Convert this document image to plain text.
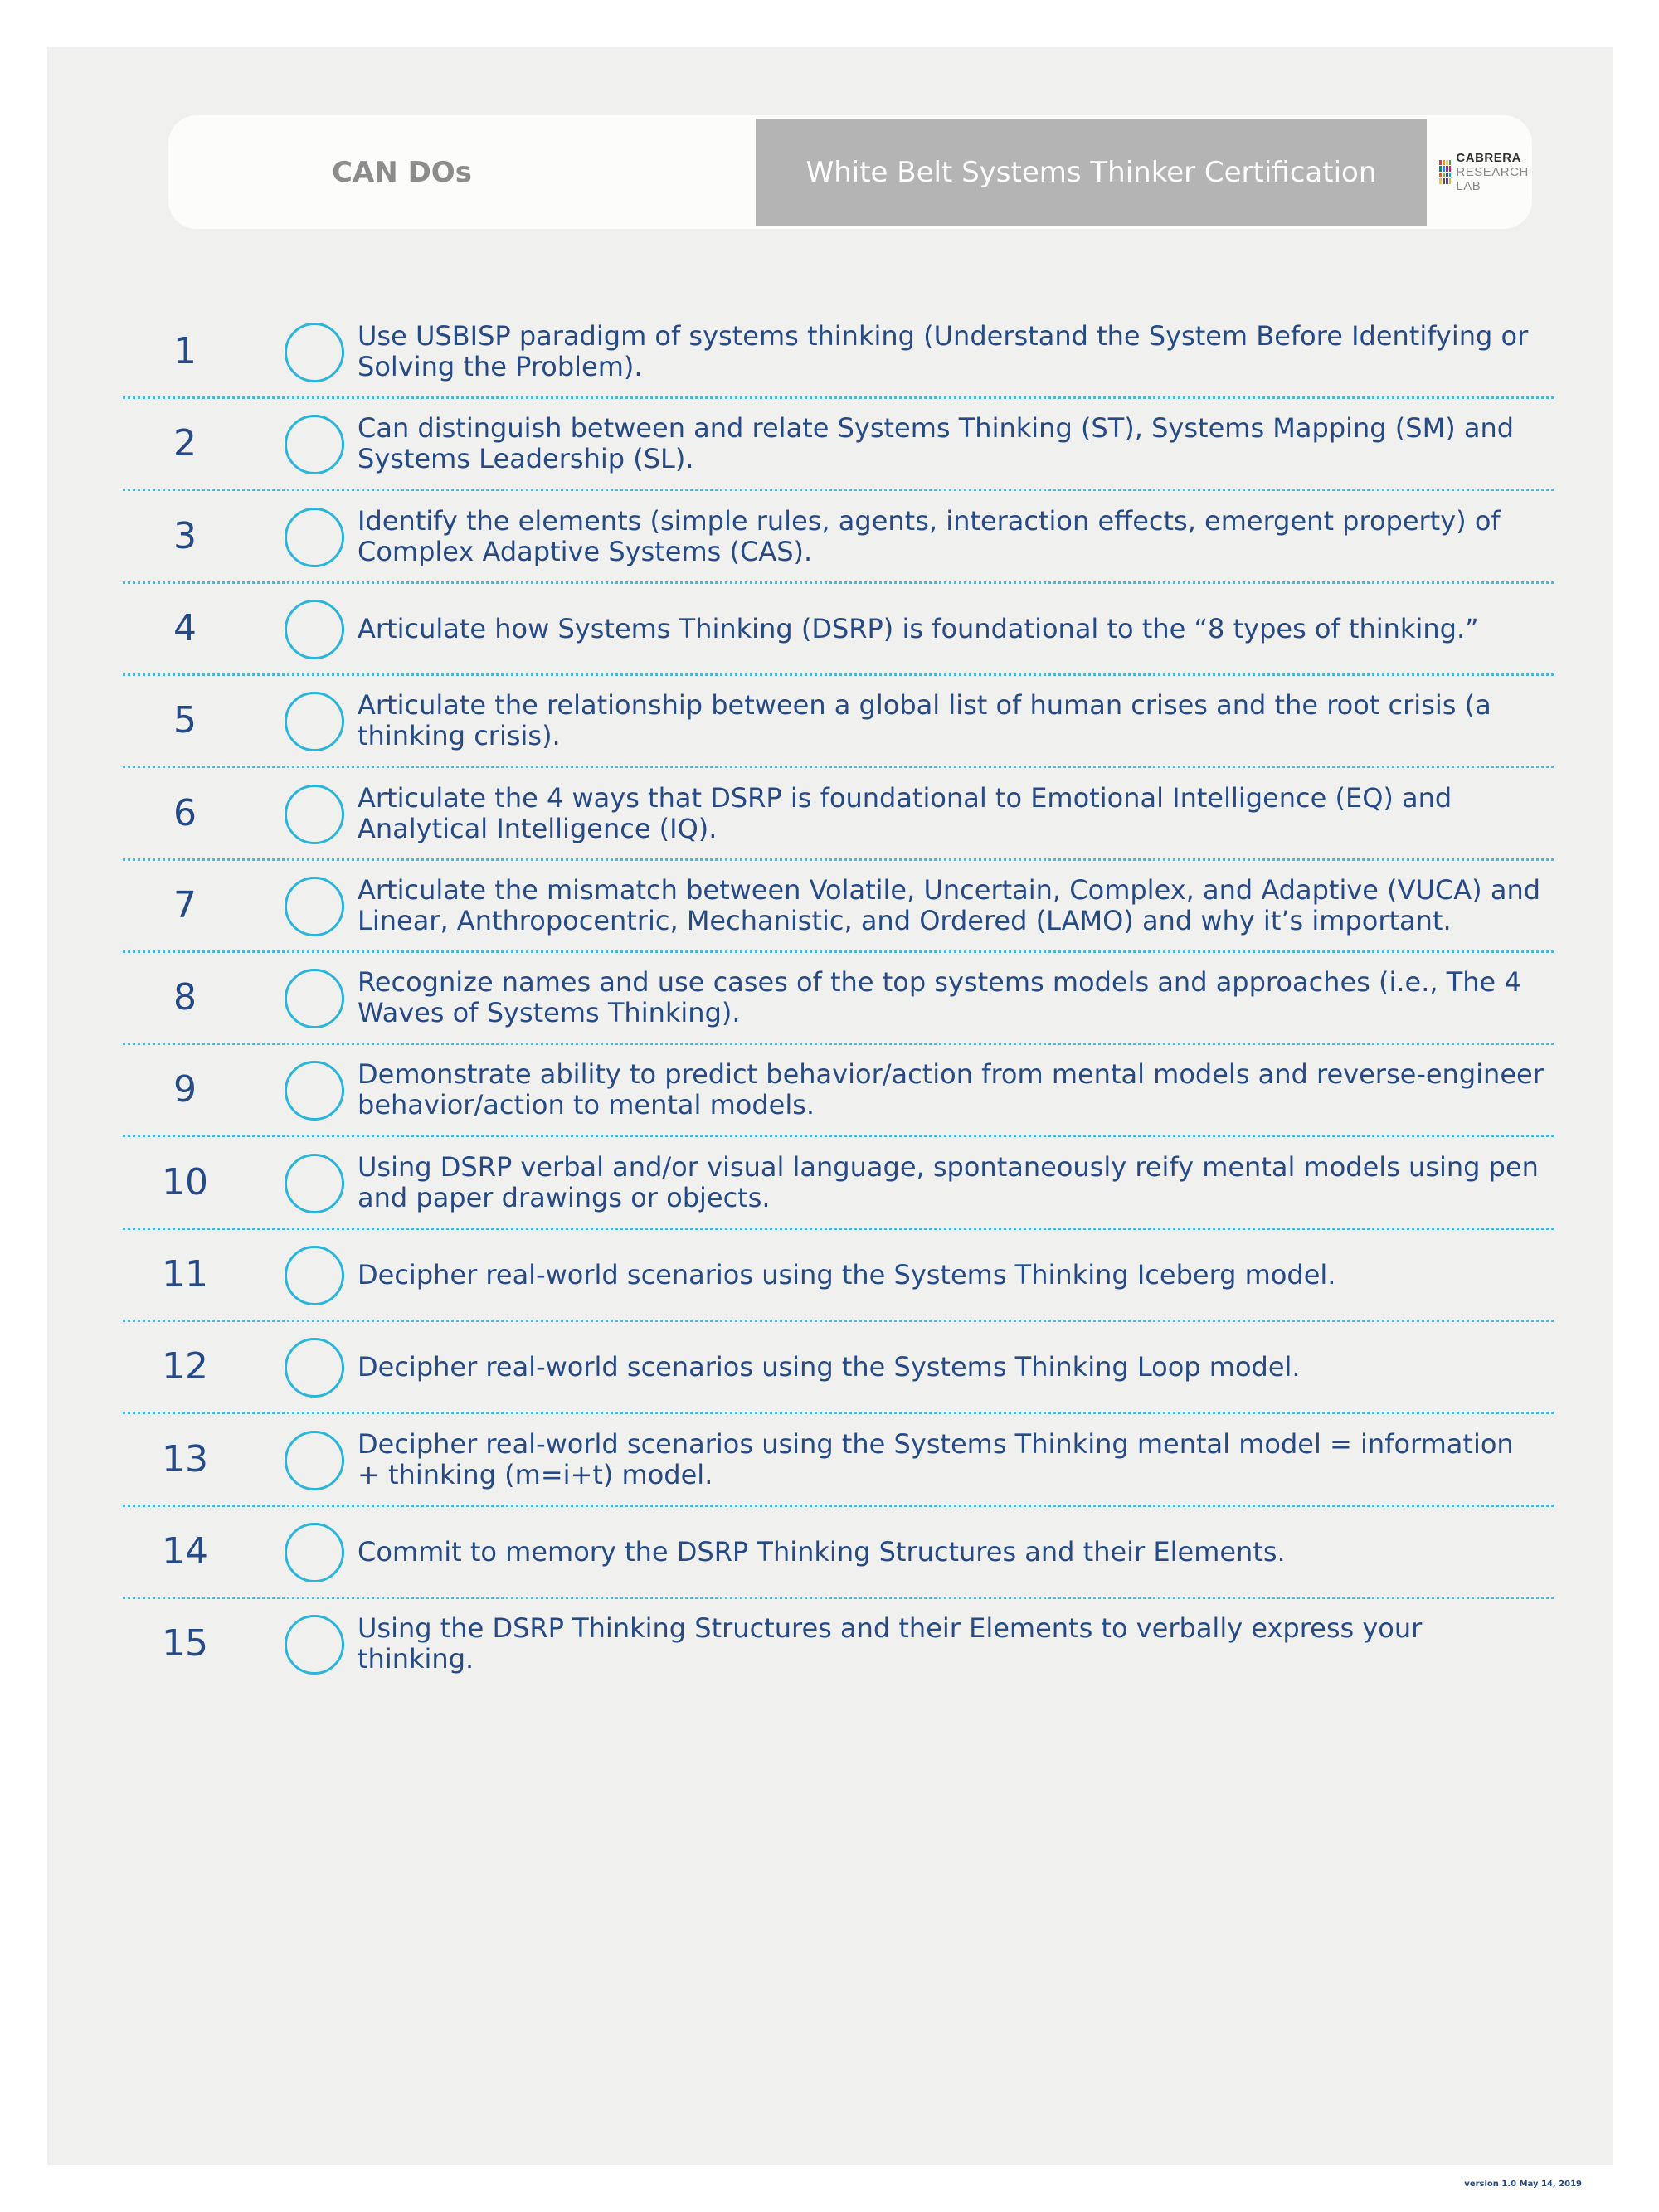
CAN DOs	White Belt Systems Thinker Certification	CABRERA RESEARCH LAB
1	Use USBISP paradigm of systems thinking (Understand the System Before Identifying or Solving the Problem).
2	Can distinguish between and relate Systems Thinking (ST), Systems Mapping (SM) and Systems Leadership (SL).
3	Identify the elements (simple rules, agents, interaction effects, emergent property) of Complex Adaptive Systems (CAS).
4	Articulate how Systems Thinking (DSRP) is foundational to the “8 types of thinking.”
5	Articulate the relationship between a global list of human crises and the root crisis (a thinking crisis).
6	Articulate the 4 ways that DSRP is foundational to Emotional Intelligence (EQ) and Analytical Intelligence (IQ).
7	Articulate the mismatch between Volatile, Uncertain, Complex, and Adaptive (VUCA) and Linear, Anthropocentric, Mechanistic, and Ordered (LAMO) and why it’s important.
8	Recognize names and use cases of the top systems models and approaches (i.e., The 4 Waves of Systems Thinking).
9	Demonstrate ability to predict behavior/action from mental models and reverse-engineer behavior/action to mental models.
10	Using DSRP verbal and/or visual language, spontaneously reify mental models using pen and paper drawings or objects.
11	Decipher real-world scenarios using the Systems Thinking Iceberg model.
12	Decipher real-world scenarios using the Systems Thinking Loop model.
13	Decipher real-world scenarios using the Systems Thinking mental model = information + thinking (m=i+t) model.
14	Commit to memory the DSRP Thinking Structures and their Elements.
15	Using the DSRP Thinking Structures and their Elements to verbally express your thinking.
version 1.0 May 14, 2019
